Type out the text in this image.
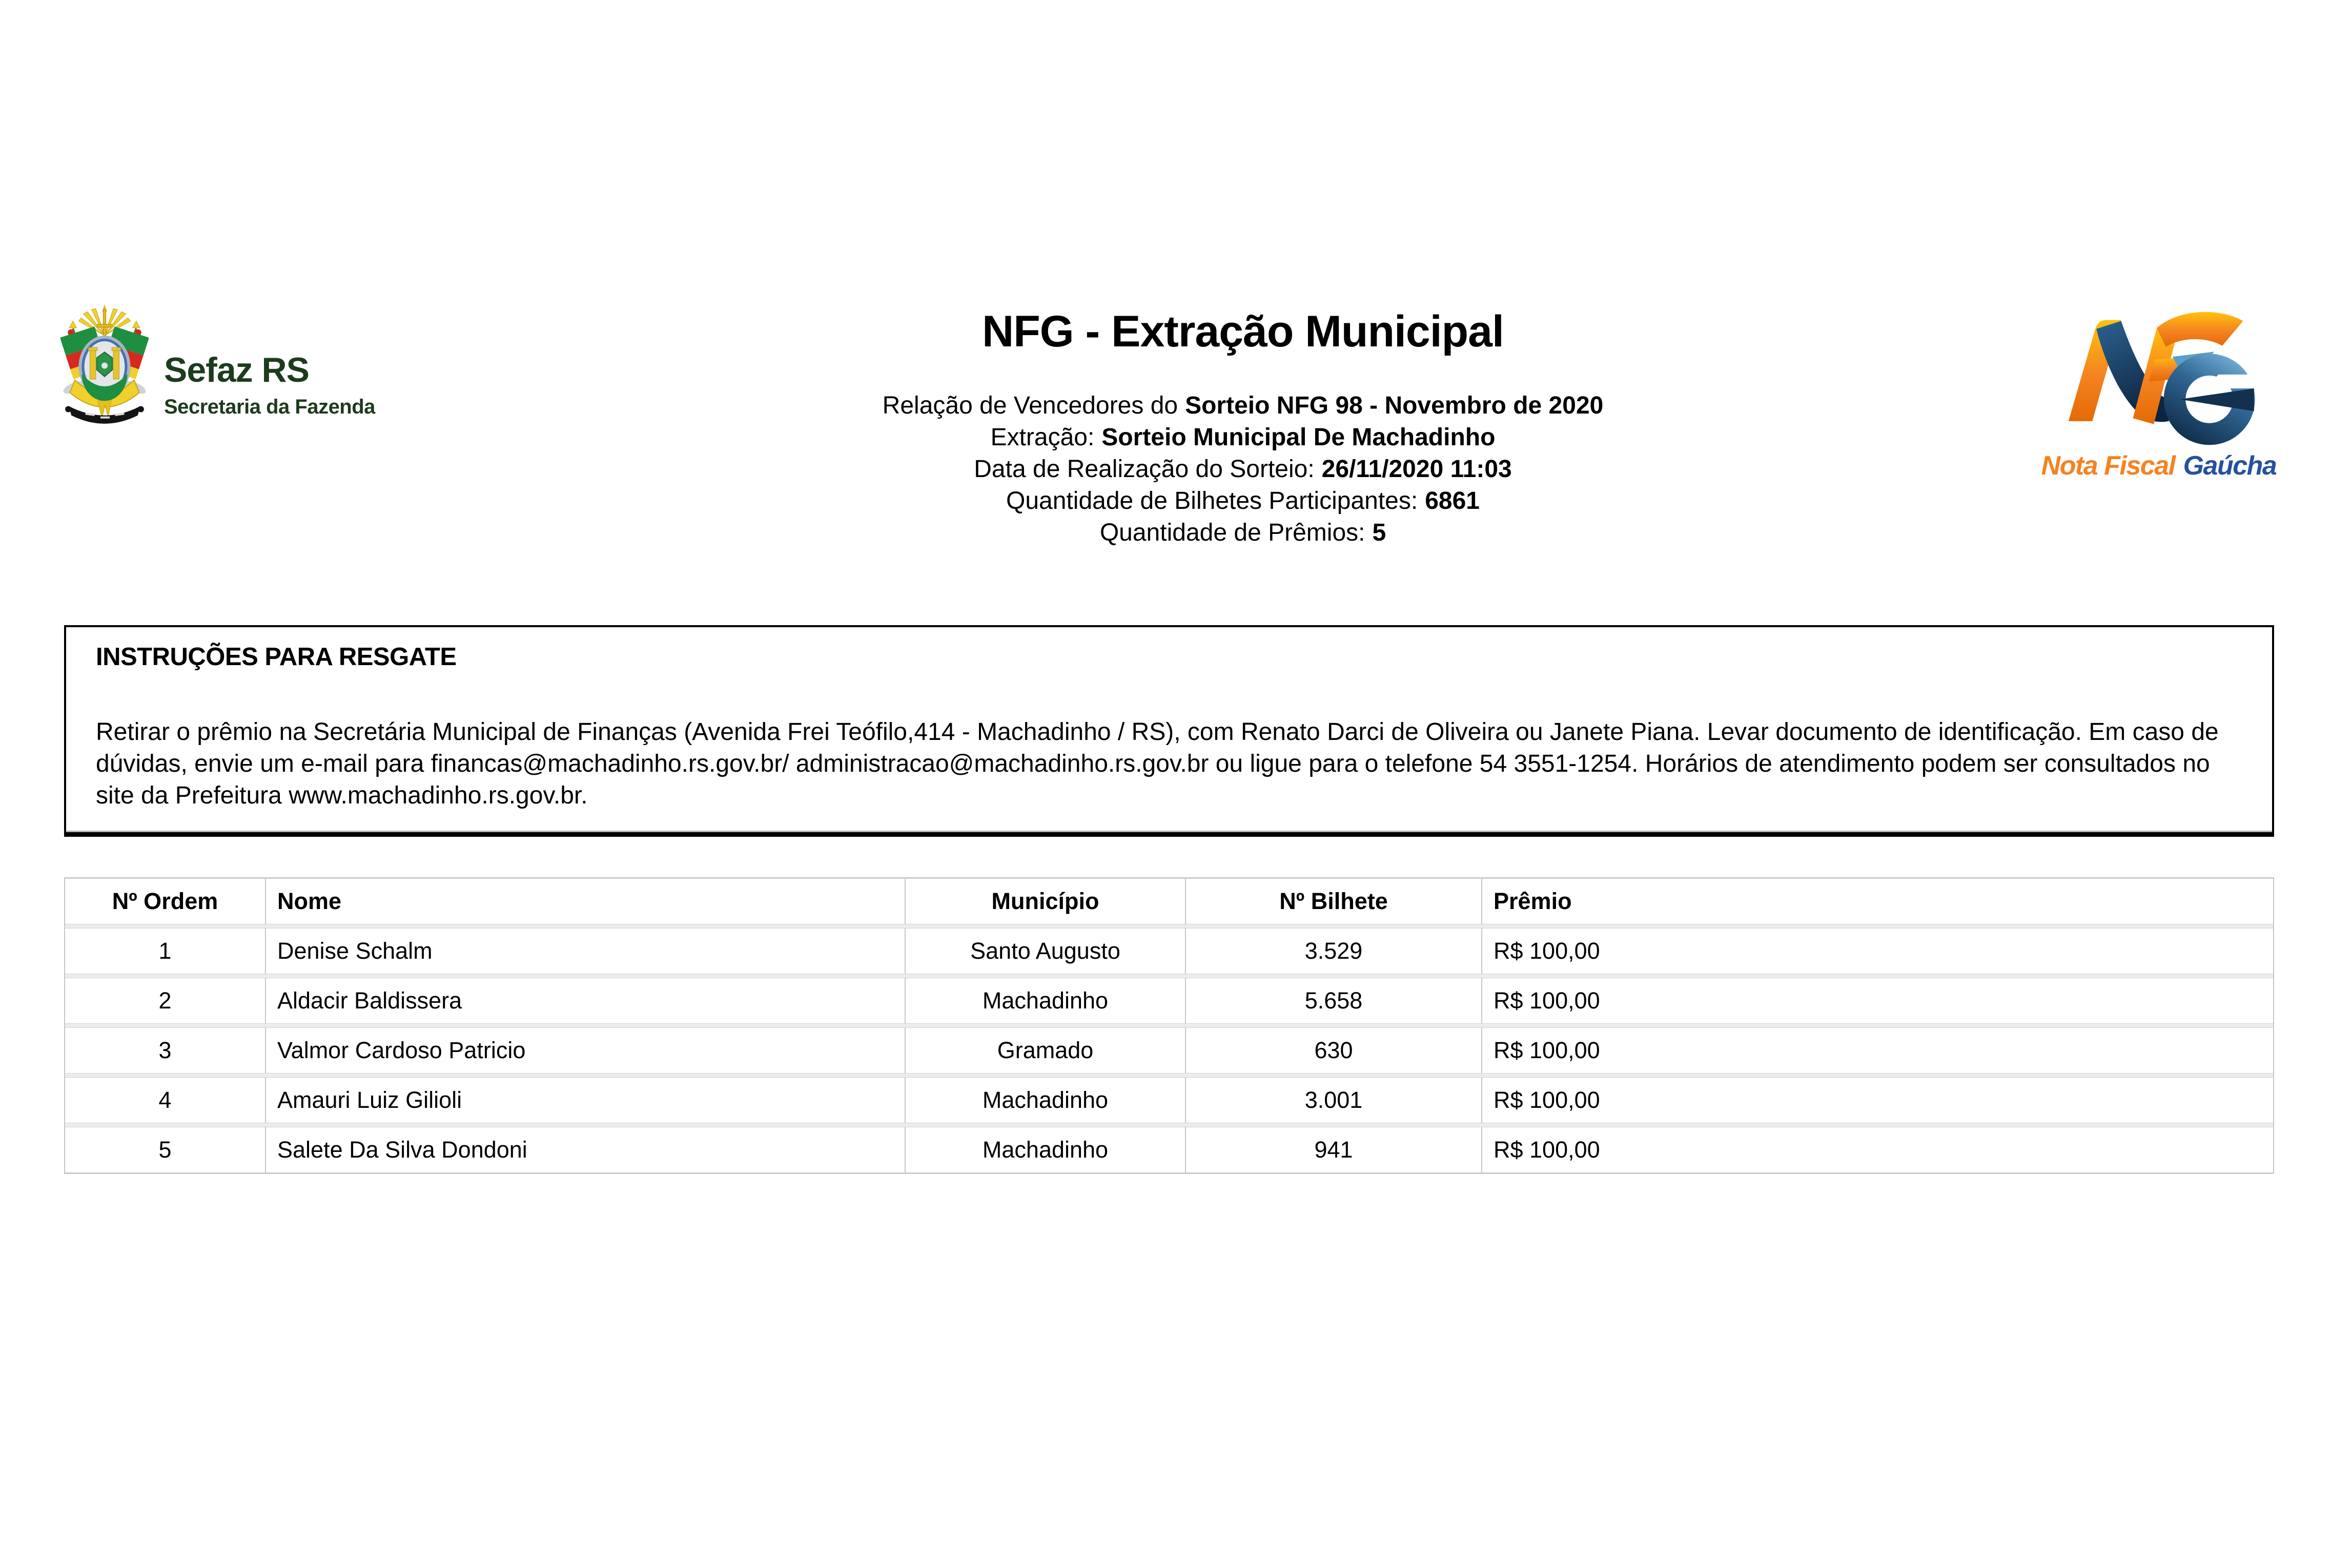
Sefaz RS
Secretaria da Fazenda
NFG - Extração Municipal
Relação de Vencedores do Sorteio NFG 98 - Novembro de 2020
Extração: Sorteio Municipal De Machadinho
Data de Realização do Sorteio: 26/11/2020 11:03
Quantidade de Bilhetes Participantes: 6861
Quantidade de Prêmios: 5
Nota Fiscal Gaúcha
INSTRUÇÕES PARA RESGATE

Retirar o prêmio na Secretária Municipal de Finanças (Avenida Frei Teófilo,414 - Machadinho / RS), com Renato Darci de Oliveira ou Janete Piana. Levar documento de identificação. Em caso de dúvidas, envie um e-mail para financas@machadinho.rs.gov.br/ administracao@machadinho.rs.gov.br ou ligue para o telefone 54 3551-1254. Horários de atendimento podem ser consultados no site da Prefeitura www.machadinho.rs.gov.br.

Nº Ordem	Nome	Município	Nº Bilhete	Prêmio
1	Denise Schalm	Santo Augusto	3.529	R$ 100,00
2	Aldacir Baldissera	Machadinho	5.658	R$ 100,00
3	Valmor Cardoso Patricio	Gramado	630	R$ 100,00
4	Amauri Luiz Gilioli	Machadinho	3.001	R$ 100,00
5	Salete Da Silva Dondoni	Machadinho	941	R$ 100,00
